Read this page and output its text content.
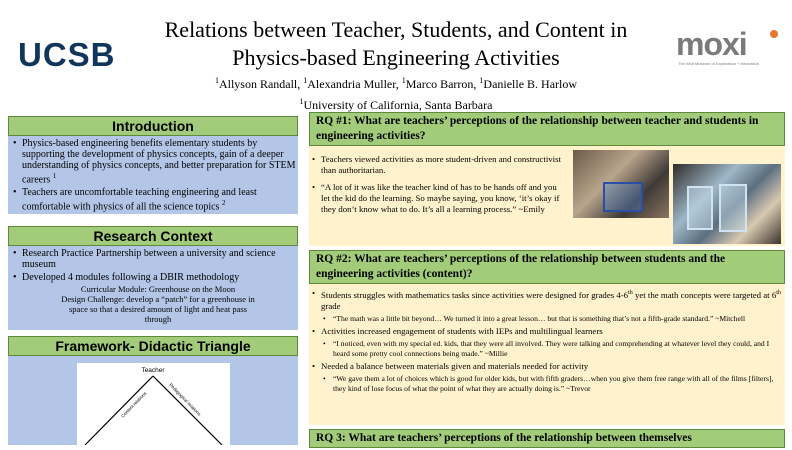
UCSB
Relations between Teacher, Students, and Content in
Physics-based Engineering Activities
$^1$Allyson Randall, $^1$Alexandria Muller, $^1$Marco Barron, $^1$Danielle B. Harlow
$^1$University of California, Santa Barbara
moxi
The Wolf Museum of Exploration + Innovation
Introduction
• Physics-based engineering benefits elementary students by supporting the development of physics concepts, gain of a deeper understanding of physics concepts, and better preparation for STEM careers $^1$
• Teachers are uncomfortable teaching engineering and least comfortable with physics of all the science topics $^2$
Research Context
• Research Practice Partnership between a university and science museum
• Developed 4 modules following a DBIR methodology
Curricular Module: Greenhouse on the Moon
Design Challenge: develop a “patch” for a greenhouse in
space so that a desired amount of light and heat pass
through
Framework- Didactic Triangle
Teacher
Content relations	Pedagogical relations
RQ #1: What are teachers’ perceptions of the relationship between teacher and students in engineering activities?
• Teachers viewed activities as more student-driven and constructivist than authoritarian.
• “A lot of it was like the teacher kind of has to be hands off and you let the kid do the learning. So maybe saying, you know, ‘it’s okay if they don’t know what to do. It’s all a learning process.” ~Emily
RQ #2: What are teachers’ perceptions of the relationship between students and the engineering activities (content)?
• Students struggles with mathematics tasks since activities were designed for grades 4-6th yet the math concepts were targeted at 6th grade
• “The math was a little bit beyond… We turned it into a great lesson… but that is something that’s not a fifth-grade standard.” ~Mitchell
• Activities increased engagement of students with IEPs and multilingual learners
• “I noticed, even with my special ed. kids, that they were all involved. They were talking and comprehending at whatever level they could, and I heard some pretty cool connections being made.” ~Millie
• Needed a balance between materials given and materials needed for activity
• “We gave them a lot of choices which is good for older kids, but with fifth graders…when you give them free range with all of the films [filters], they kind of lose focus of what the point of what they are actually doing is.” ~Trevor
RQ 3: What are teachers’ perceptions of the relationship between themselves
